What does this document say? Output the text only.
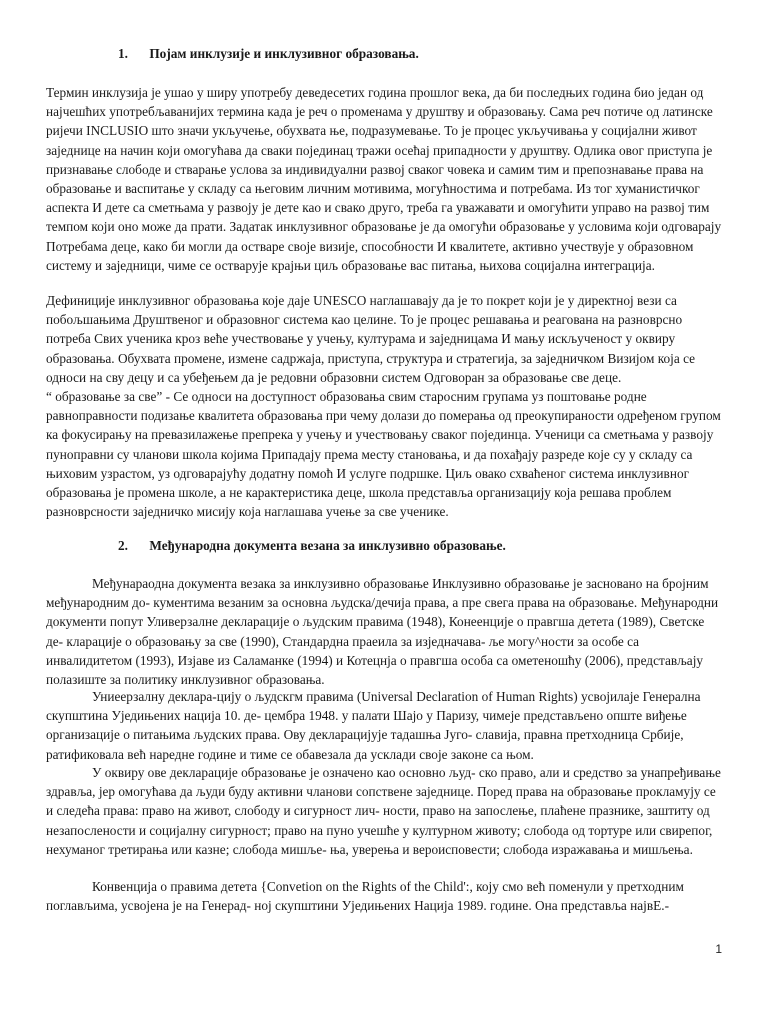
1. Појам инклузије и инклузивног образовања.

Термин инклузија је ушао у ширу употребу деведесетих година прошлог века, да би последњих година био један од најчешћих употребљаванијих термина када је реч о променама у друштву и образовању. Сама реч потиче од латинске ријечи INCLUSIO што значи укључење, обухвата ње, подразумевање. То је процес укључивања у социјални живот заједнице на начин који омогућава да сваки појединац тражи осећај припадности у друштву. Одлика овог приступа је признавање слободе и стварање услова за индивидуални развој сваког човека и самим тим и препознавање права на образовање и васпитање у складу са његовим личним мотивима, могућностима и потребама. Из тог хуманистичког аспекта И дете са сметњама у развоју је дете као и свако друго, треба га уважавати и омогућити управо на развој тим темпом који оно може да прати. Задатак инклузивног образовање је да омогући образовање у условима који одговарају Потребама деце, како би могли да остваре своје визије, способности И квалитете, активно учествује у образовном систему и заједници, чиме се остварује крајњи циљ образовање вас питања, њихова социјална интеграција.

Дефиниције инклузивног образовања које даје UNESCO наглашавају да је то покрет који је у директној вези са побољшањима Друштвеног и образовног система као целине. То је процес решавања и реагована на разноврсно потреба Свих ученика кроз веће учествовање у учењу, културама и заједницама И мању искљученост у оквиру образовања. Обухвата промене, измене садржаја, приступа, структура и стратегија, за заједничком Визијом која се односи на сву децу и са убеђењем да је редовни образовни систем Одговоран за образовање све деце.

“ образовање за све” - Се односи на доступност образовања свим старосним групама уз поштовање родне равноправности подизање квалитета образовања при чему долази до померања од преокупираности одређеном групом ка фокусирању на превазилажење препрека у учењу и учествовању сваког појединца. Ученици са сметњама у развоју пуноправни су чланови школа којима Припадају према месту становања, и да похађају разреде које су у складу са њиховим узрастом, уз одговарајућу додатну помоћ И услуге подршке. Циљ овако схваћеног система инклузивног образовања је промена школе, а не карактеристика деце, школа представља организацију која решава проблем разноврсности заједничко мисију која наглашава учење за све ученике.

2. Међународна документа везана за инклузивно образовање.

Међунараодна документа везака за инклузивно образовање Инклузивно образовање је засновано на бројним међународним до- кументима везаним за основна људска/дечија права, а пре свега права на образовање. Међународни документи попут Уливерзалне декларације о људским правима (1948), Конеенције о правгша детета (1989), Светске де- кларације о образовању за све (1990), Стандардна праеила за изједначава- ље могу^ности за особе са инвалидитетом (1993), Изјаве из Саламанке (1994) и Котецнја о правгша особа са ометеношћу (2006), представљају полазиште за политику инклузивног образовања.

Униеерзалну деклара-цију о људскгм правима (Universal Declaration of Human Rights) усвојилаје Генерална скупштина Уједињених нација 10. де- цембра 1948. у палати Шајо у Паризу, чимеје представљено опште виђење организације о питањима људских права. Ову декларацијује тадашња Југо- славија, правна претходница Србије, ратификовала већ наредне године и тиме се обавезала да усклади своје законе са њом.

У оквиру ове декларације образовање је означено као основно људ- ско право, али и средство за унапређивање здравља, јер омогућава да људи буду активни чланови сопствене заједнице. Поред права на образовање прокламују се и следећа права: право на живот, слободу и сигурност лич- ности, право на запослење, плаћене празнике, заштиту од незапослености и социјалну сигурност; право на пуно учешће у културном животу; слобода од тортуре или свирепог, нехуманог третирања или казне; слобода мишље- ња, уверења и вероисповести; слобода изражавања и мишљења.

Конвенција о правима детета {Convetion on the Rights of the Child':, коју смо већ поменули у претходним поглављима, усвојена је на Генерад- ној скупштини Уједињених Нација 1989. године. Она представља највЕ.-

1
